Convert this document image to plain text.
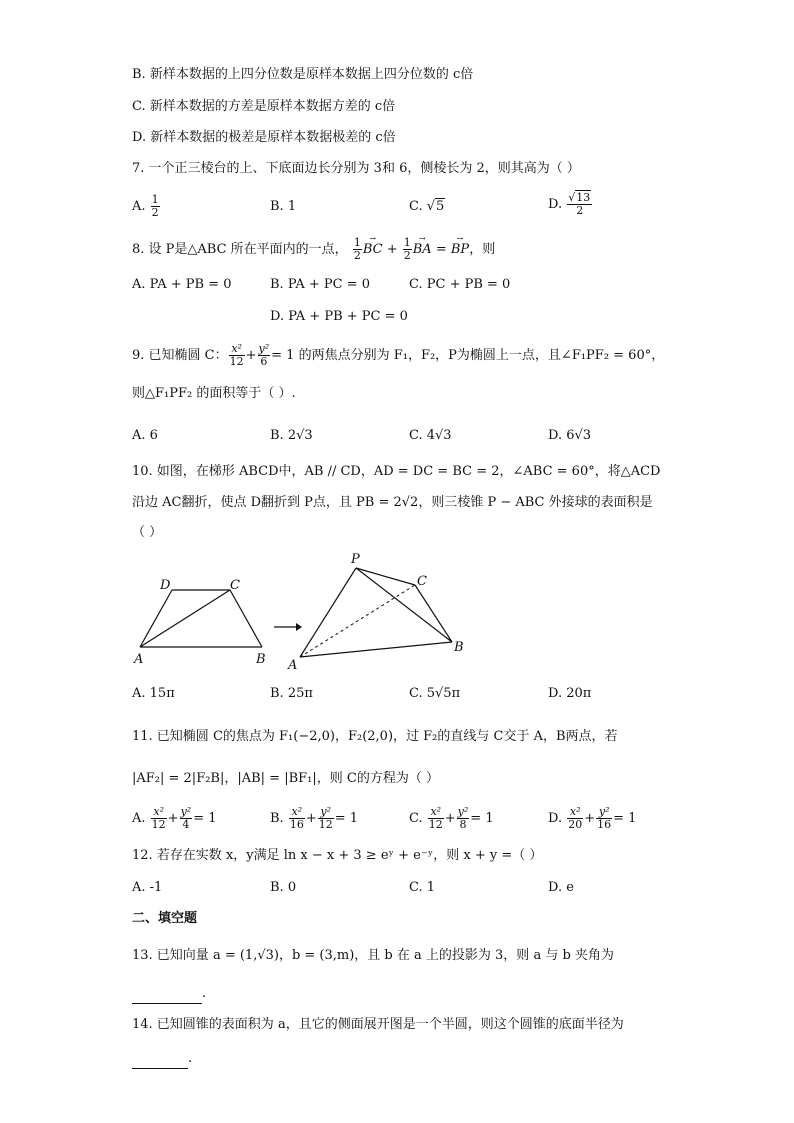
B. 新样本数据的上四分位数是原样本数据上四分位数的 c倍
C. 新样本数据的方差是原样本数据方差的 c倍
D. 新样本数据的极差是原样本数据极差的 c倍
7. 一个正三棱台的上、下底面边长分别为 3和 6，侧棱长为 2，则其高为（ ）
A. $\frac{1}{2}$	B. 1	C. √5	D. $\frac{√13}{2}$
8. 设 P是△ABC 所在平面内的一点， $\frac{1}{2}$ → BC + $\frac{1}{2}$ → BA = → BP，则
A. PA + PB = 0	B. PA + PC = 0	C. PC + PB = 0
D. PA + PB + PC = 0
9. 已知椭圆 C： $\frac{\text{x²}}{12} + \frac{\text{y²}}{6} = 1$ 的两焦点分别为 F₁，F₂，P为椭圆上一点，且∠F₁PF₂ = 60°，
则△F₁PF₂ 的面积等于（ ）.
A. 6	B. 2√3	C. 4√3	D. 6√3
10. 如图，在梯形 ABCD中，AB // CD，AD = DC = BC = 2，∠ABC = 60°，将△ACD
沿边 AC翻折，使点 D翻折到 P点，且 PB = 2√2，则三棱锥 P − ABC 外接球的表面积是
（ ）
D	C
A	B
P
C
A
B
A. 15π	B. 25π	C. 5√5π	D. 20π
11. 已知椭圆 C的焦点为 F₁(−2,0)，F₂(2,0)，过 F₂的直线与 C交于 A，B两点，若
|AF₂| = 2|F₂B|，|AB| = |BF₁|，则 C的方程为（ ）
A. $\frac{\text{x²}}{12} + \frac{\text{y²}}{4} = 1$	B. $\frac{\text{x²}}{16} + \frac{\text{y²}}{12} = 1$	C. $\frac{\text{x²}}{12} + \frac{\text{y²}}{8} = 1$	D. $\frac{\text{x²}}{20} + \frac{\text{y²}}{16} = 1$
12. 若存在实数 x，y满足 ln x − x + 3 ≥ eʸ + e⁻ʸ，则 x + y =（ ）
A. -1	B. 0	C. 1	D. e
二、填空题
13. 已知向量 a = (1,√3)，b = (3,m)，且 b 在 a 上的投影为 3，则 a 与 b 夹角为
.
14. 已知圆锥的表面积为 a，且它的侧面展开图是一个半圆，则这个圆锥的底面半径为
.
